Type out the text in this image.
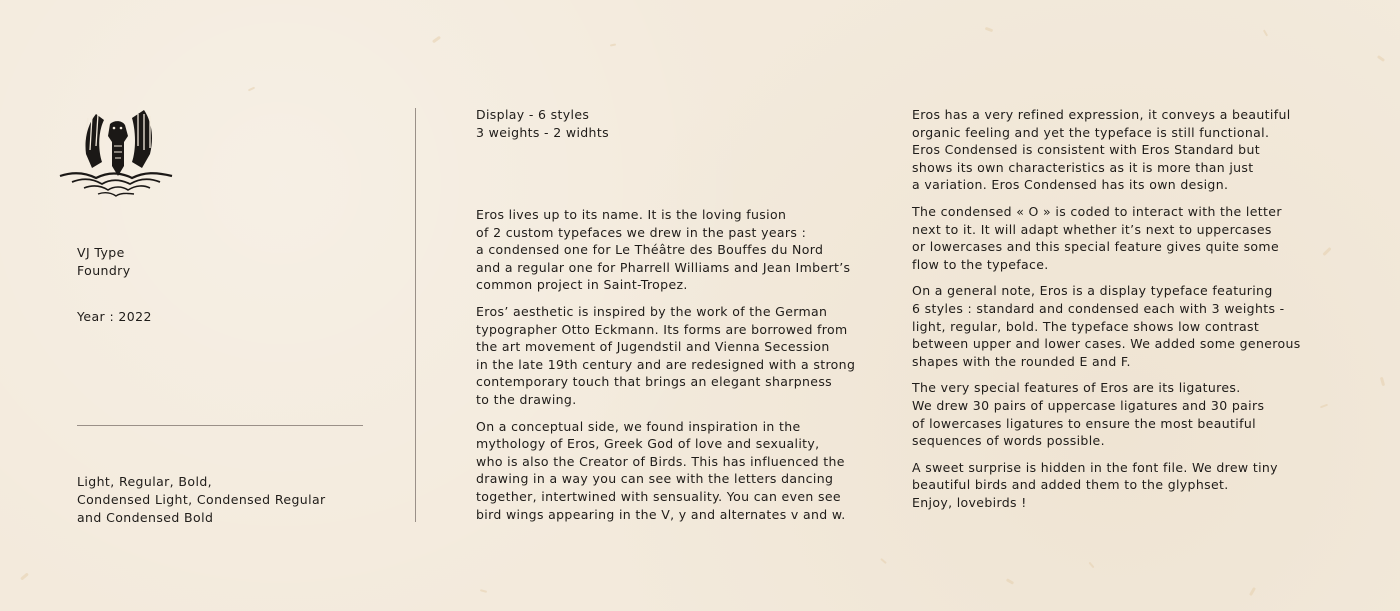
VJ Type
Foundry
Year : 2022
Light, Regular, Bold,
Condensed Light, Condensed Regular
and Condensed Bold
Display - 6 styles
3 weights - 2 widhts

Eros lives up to its name. It is the loving fusion
of 2 custom typefaces we drew in the past years :
a condensed one for Le Théâtre des Bouffes du Nord
and a regular one for Pharrell Williams and Jean Imbert’s
common project in Saint-Tropez.

Eros’ aesthetic is inspired by the work of the German
typographer Otto Eckmann. Its forms are borrowed from
the art movement of Jugendstil and Vienna Secession
in the late 19th century and are redesigned with a strong
contemporary touch that brings an elegant sharpness
to the drawing.

On a conceptual side, we found inspiration in the
mythology of Eros, Greek God of love and sexuality,
who is also the Creator of Birds. This has influenced the
drawing in a way you can see with the letters dancing
together, intertwined with sensuality. You can even see
bird wings appearing in the V, y and alternates v and w.

Eros has a very refined expression, it conveys a beautiful
organic feeling and yet the typeface is still functional.
Eros Condensed is consistent with Eros Standard but
shows its own characteristics as it is more than just
a variation. Eros Condensed has its own design.

The condensed « O » is coded to interact with the letter
next to it. It will adapt whether it’s next to uppercases
or lowercases and this special feature gives quite some
flow to the typeface.

On a general note, Eros is a display typeface featuring
6 styles : standard and condensed each with 3 weights -
light, regular, bold. The typeface shows low contrast
between upper and lower cases. We added some generous
shapes with the rounded E and F.

The very special features of Eros are its ligatures.
We drew 30 pairs of uppercase ligatures and 30 pairs
of lowercases ligatures to ensure the most beautiful
sequences of words possible.

A sweet surprise is hidden in the font file. We drew tiny
beautiful birds and added them to the glyphset.
Enjoy, lovebirds !
